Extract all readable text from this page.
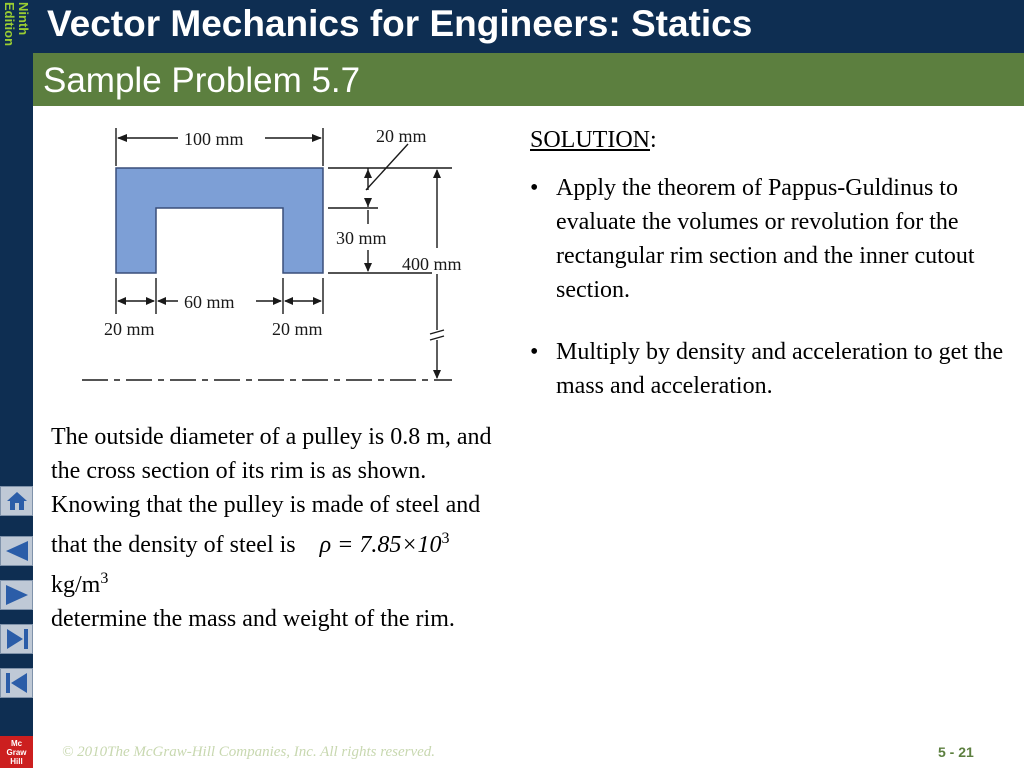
Ninth Edition
Mc
Graw
Hill
Vector Mechanics for Engineers: Statics
Sample Problem 5.7
100 mm	20 mm
30 mm
400 mm
60 mm
20 mm	20 mm
The outside diameter of a pulley is 0.8 m, and the cross section of its rim is as shown. Knowing that the pulley is made of steel and that the density of steel is $\rho = 7.85\times 10^3$ $kg/m^3$
determine the mass and weight of the rim.
SOLUTION:
• Apply the theorem of Pappus-Guldinus to evaluate the volumes or revolution for the rectangular rim section and the inner cutout section.
• Multiply by density and acceleration to get the mass and acceleration.
© 2010The McGraw-Hill Companies, Inc. All rights reserved.	5 - 21
